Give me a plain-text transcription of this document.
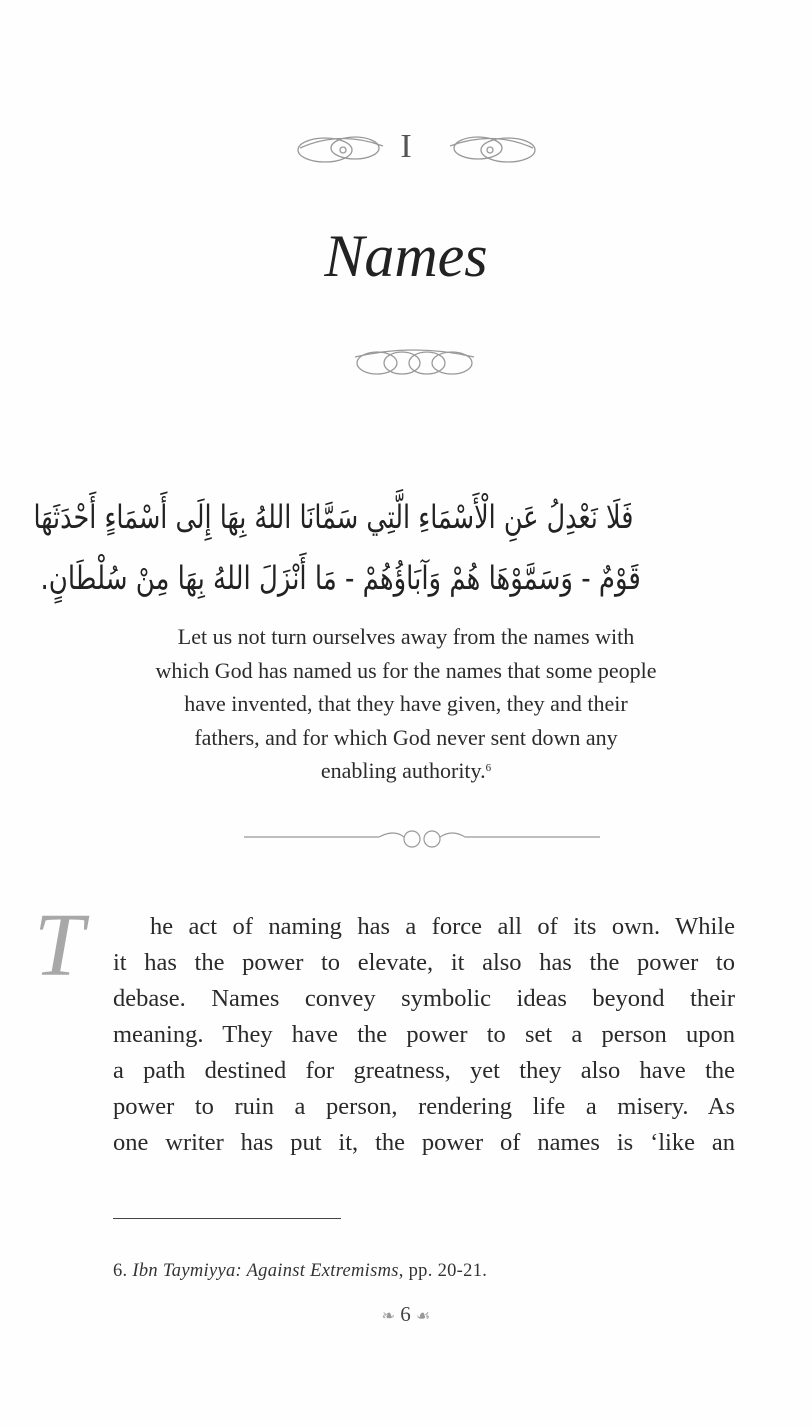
I
Names
فَلَا نَعْدِلُ عَنِ الْأَسْمَاءِ الَّتِي سَمَّانَا اللهُ بِهَا إِلَى أَسْمَاءٍ أَحْدَثَهَا
قَوْمٌ - وَسَمَّوْهَا هُمْ وَآبَاؤُهُمْ - مَا أَنْزَلَ اللهُ بِهَا مِنْ سُلْطَانٍ.
Let us not turn ourselves away from the names with
which God has named us for the names that some people
have invented, that they have given, they and their
fathers, and for which God never sent down any
enabling authority.$^6$
T	he act of naming has a force all of its own. While
it has the power to elevate, it also has the power to
debase. Names convey symbolic ideas beyond their
meaning. They have the power to set a person upon
a path destined for greatness, yet they also have the
power to ruin a person, rendering life a misery. As
one writer has put it, the power of names is ‘like an
6. Ibn Taymiyya: Against Extremisms, pp. 20-21.
❧ 6 ☙
